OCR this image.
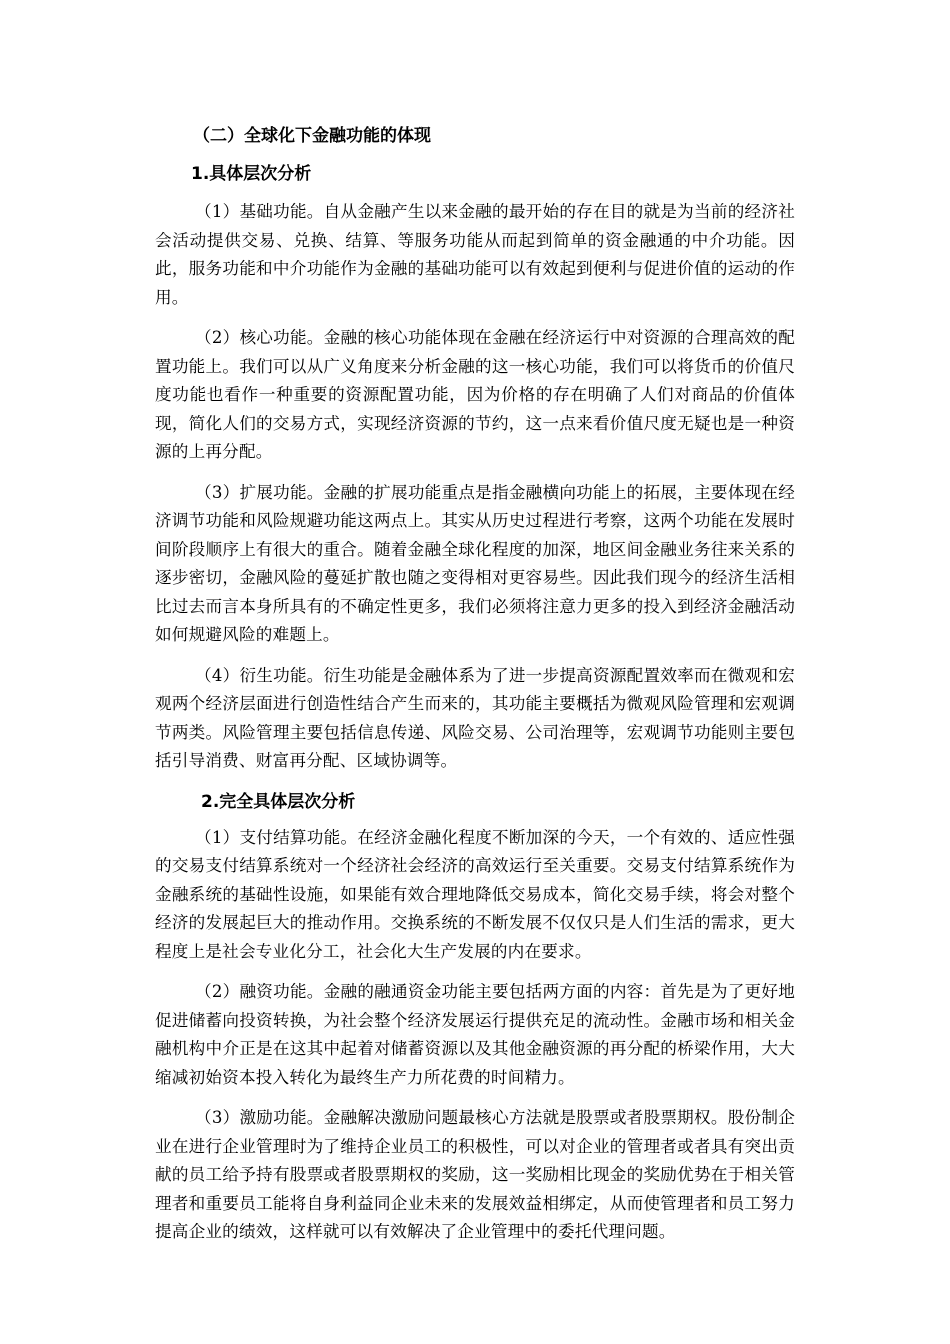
（二）全球化下金融功能的体现
1.具体层次分析

（1）基础功能。自从金融产生以来金融的最开始的存在目的就是为当前的经济社会活动提供交易、兑换、结算、等服务功能从而起到简单的资金融通的中介功能。因此，服务功能和中介功能作为金融的基础功能可以有效起到便利与促进价值的运动的作用。

（2）核心功能。金融的核心功能体现在金融在经济运行中对资源的合理高效的配置功能上。我们可以从广义角度来分析金融的这一核心功能，我们可以将货币的价值尺度功能也看作一种重要的资源配置功能，因为价格的存在明确了人们对商品的价值体现，简化人们的交易方式，实现经济资源的节约，这一点来看价值尺度无疑也是一种资源的上再分配。

（3）扩展功能。金融的扩展功能重点是指金融横向功能上的拓展，主要体现在经济调节功能和风险规避功能这两点上。其实从历史过程进行考察，这两个功能在发展时间阶段顺序上有很大的重合。随着金融全球化程度的加深，地区间金融业务往来关系的逐步密切，金融风险的蔓延扩散也随之变得相对更容易些。因此我们现今的经济生活相比过去而言本身所具有的不确定性更多，我们必须将注意力更多的投入到经济金融活动如何规避风险的难题上。

（4）衍生功能。衍生功能是金融体系为了进一步提高资源配置效率而在微观和宏观两个经济层面进行创造性结合产生而来的，其功能主要概括为微观风险管理和宏观调节两类。风险管理主要包括信息传递、风险交易、公司治理等，宏观调节功能则主要包括引导消费、财富再分配、区域协调等。

2.完全具体层次分析

（1）支付结算功能。在经济金融化程度不断加深的今天，一个有效的、适应性强的交易支付结算系统对一个经济社会经济的高效运行至关重要。交易支付结算系统作为金融系统的基础性设施，如果能有效合理地降低交易成本，简化交易手续，将会对整个经济的发展起巨大的推动作用。交换系统的不断发展不仅仅只是人们生活的需求，更大程度上是社会专业化分工，社会化大生产发展的内在要求。

（2）融资功能。金融的融通资金功能主要包括两方面的内容：首先是为了更好地促进储蓄向投资转换，为社会整个经济发展运行提供充足的流动性。金融市场和相关金融机构中介正是在这其中起着对储蓄资源以及其他金融资源的再分配的桥梁作用，大大缩减初始资本投入转化为最终生产力所花费的时间精力。

（3）激励功能。金融解决激励问题最核心方法就是股票或者股票期权。股份制企业在进行企业管理时为了维持企业员工的积极性，可以对企业的管理者或者具有突出贡献的员工给予持有股票或者股票期权的奖励，这一奖励相比现金的奖励优势在于相关管理者和重要员工能将自身利益同企业未来的发展效益相绑定，从而使管理者和员工努力提高企业的绩效，这样就可以有效解决了企业管理中的委托代理问题。
